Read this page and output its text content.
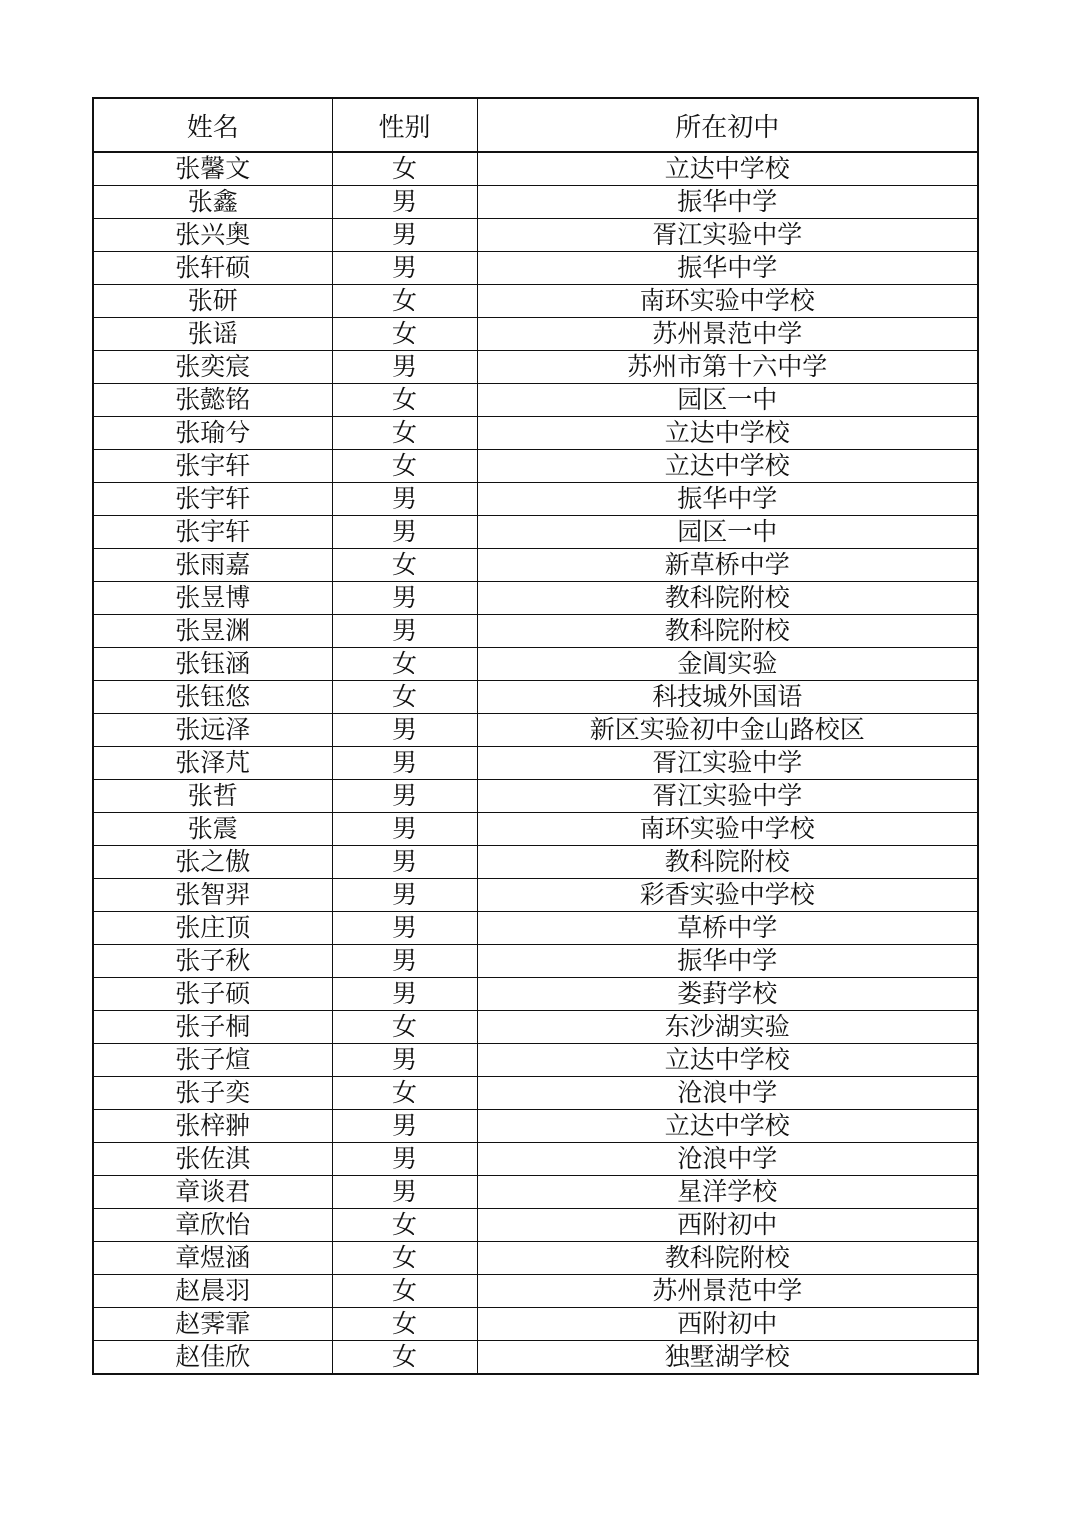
姓名	性别	所在初中
张馨文	女	立达中学校
张鑫	男	振华中学
张兴奥	男	胥江实验中学
张轩硕	男	振华中学
张研	女	南环实验中学校
张谣	女	苏州景范中学
张奕宸	男	苏州市第十六中学
张懿铭	女	园区一中
张瑜兮	女	立达中学校
张宇轩	女	立达中学校
张宇轩	男	振华中学
张宇轩	男	园区一中
张雨嘉	女	新草桥中学
张昱博	男	教科院附校
张昱渊	男	教科院附校
张钰涵	女	金阊实验
张钰悠	女	科技城外国语
张远泽	男	新区实验初中金山路校区
张泽芃	男	胥江实验中学
张哲	男	胥江实验中学
张震	男	南环实验中学校
张之傲	男	教科院附校
张智羿	男	彩香实验中学校
张庄顶	男	草桥中学
张子秋	男	振华中学
张子硕	男	娄葑学校
张子桐	女	东沙湖实验
张子煊	男	立达中学校
张子奕	女	沧浪中学
张梓翀	男	立达中学校
张佐淇	男	沧浪中学
章谈君	男	星洋学校
章欣怡	女	西附初中
章煜涵	女	教科院附校
赵晨羽	女	苏州景范中学
赵霁霏	女	西附初中
赵佳欣	女	独墅湖学校
